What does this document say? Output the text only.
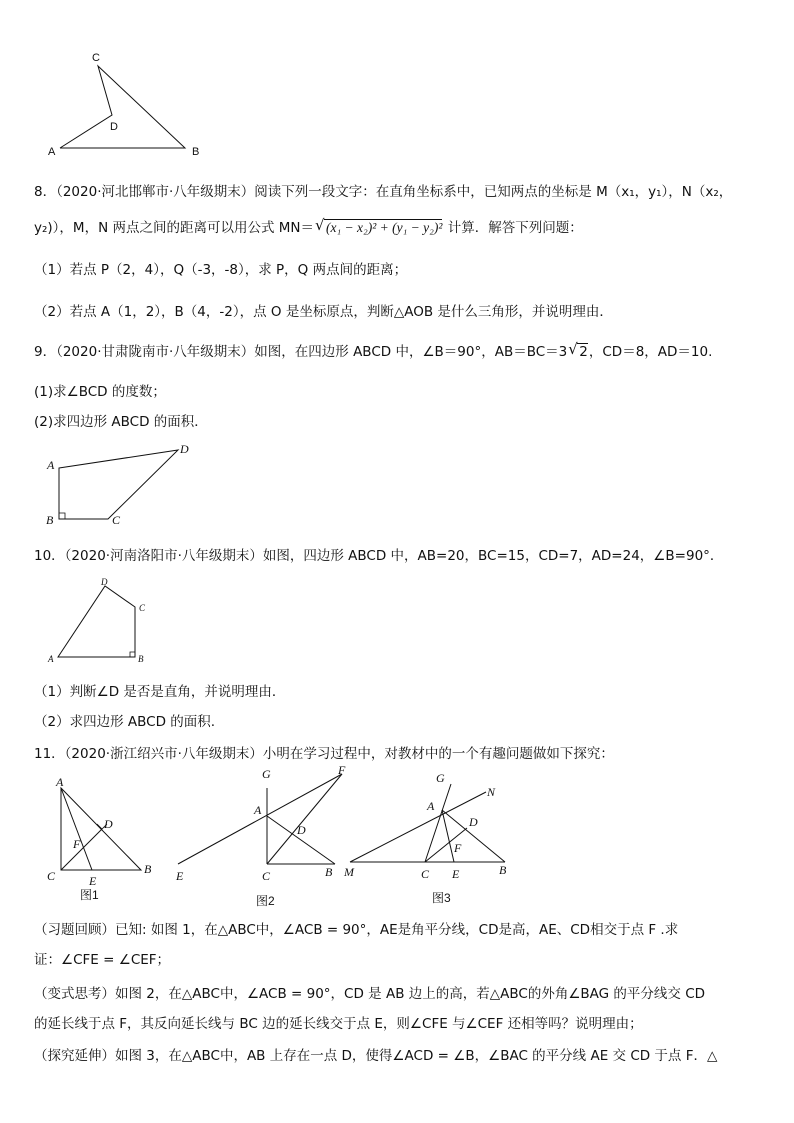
C
D
A	B
8．（2020·河北邯郸市·八年级期末）阅读下列一段文字：在直角坐标系中，已知两点的坐标是 M（x₁，y₁），N（x₂，
y₂)），M，N 两点之间的距离可以用公式 MN＝ √ (x₁ − x₂)² + (y₁ − y₂)² 计算．解答下列问题：
（1）若点 P（2，4），Q（-3，-8），求 P，Q 两点间的距离；
（2）若点 A（1，2），B（4，-2），点 O 是坐标原点，判断△AOB 是什么三角形，并说明理由．
9．（2020·甘肃陇南市·八年级期末）如图，在四边形 ABCD 中，∠B＝90°，AB＝BC＝3 √ 2，CD＝8，AD＝10.
(1)求∠BCD 的度数；
(2)求四边形 ABCD 的面积．
A
D
B	C
10．（2020·河南洛阳市·八年级期末）如图，四边形 ABCD 中，AB=20，BC=15，CD=7，AD=24，∠B=90°．
D
C
A	B
（1）判断∠D 是否是直角，并说明理由．
（2）求四边形 ABCD 的面积.
11．（2020·浙江绍兴市·八年级期末）小明在学习过程中，对教材中的一个有趣问题做如下探究：
A
D
F
C	E
B
图1
G	F
A
D
E	C	B
图2
G
N
A
D
F
M	C E	B
图3
（习题回顾）已知: 如图 1，在△ABC中，∠ACB = 90°，AE是角平分线，CD是高，AE、CD相交于点 F .求
证：∠CFE = ∠CEF；
（变式思考）如图 2，在△ABC中，∠ACB = 90°，CD 是 AB 边上的高，若△ABC的外角∠BAG 的平分线交 CD
的延长线于点 F，其反向延长线与 BC 边的延长线交于点 E，则∠CFE 与∠CEF 还相等吗？说明理由；
（探究延伸）如图 3，在△ABC中，AB 上存在一点 D，使得∠ACD = ∠B，∠BAC 的平分线 AE 交 CD 于点 F．△
